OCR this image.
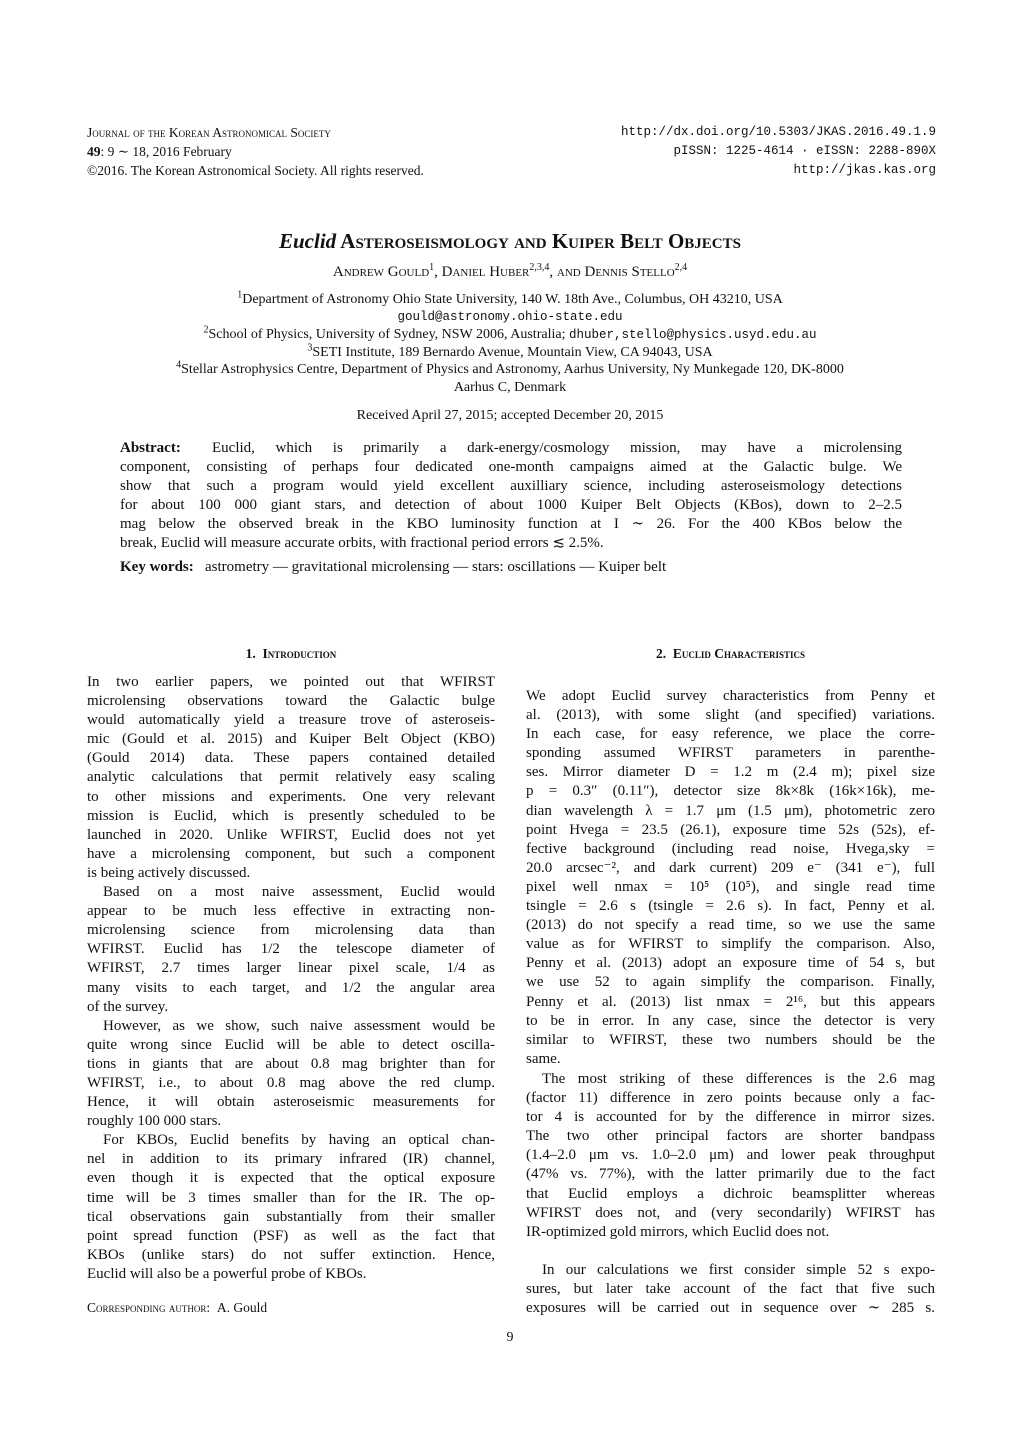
Journal of the Korean Astronomical Society
49: 9 ∼ 18, 2016 February
©2016. The Korean Astronomical Society. All rights reserved.
http://dx.doi.org/10.5303/JKAS.2016.49.1.9
pISSN: 1225-4614 · eISSN: 2288-890X
http://jkas.kas.org
Euclid Asteroseismology and Kuiper Belt Objects
Andrew Gould$^1$, Daniel Huber$^{2,3,4}$, and Dennis Stello$^{2,4}$
$^1$Department of Astronomy Ohio State University, 140 W. 18th Ave., Columbus, OH 43210, USA
gould@astronomy.ohio-state.edu
$^2$School of Physics, University of Sydney, NSW 2006, Australia; dhuber,stello@physics.usyd.edu.au
$^3$SETI Institute, 189 Bernardo Avenue, Mountain View, CA 94043, USA
$^4$Stellar Astrophysics Centre, Department of Physics and Astronomy, Aarhus University, Ny Munkegade 120, DK-8000
Aarhus C, Denmark
Received April 27, 2015; accepted December 20, 2015
Abstract:	Euclid, which is primarily a dark-energy/cosmology mission, may have a microlensing
component, consisting of perhaps four dedicated one-month campaigns aimed at the Galactic bulge. We
show that such a program would yield excellent auxilliary science, including asteroseismology detections
for about 100 000 giant stars, and detection of about 1000 Kuiper Belt Objects (KBos), down to 2–2.5
mag below the observed break in the KBO luminosity function at I ∼ 26. For the 400 KBos below the
break, Euclid will measure accurate orbits, with fractional period errors ≲ 2.5%.
Key words: astrometry — gravitational microlensing — stars: oscillations — Kuiper belt
1. Introduction	2. Euclid Characteristics
In two earlier papers, we pointed out that WFIRST
microlensing observations toward the Galactic bulge
would automatically yield a treasure trove of asteroseis-
mic (Gould et al. 2015) and Kuiper Belt Object (KBO)
(Gould 2014) data. These papers contained detailed
analytic calculations that permit relatively easy scaling
to other missions and experiments. One very relevant
mission is Euclid, which is presently scheduled to be
launched in 2020. Unlike WFIRST, Euclid does not yet
have a microlensing component, but such a component
is being actively discussed.
Based on a most naive assessment, Euclid would
appear to be much less effective in extracting non-
microlensing science from microlensing data than
WFIRST. Euclid has 1/2 the telescope diameter of
WFIRST, 2.7 times larger linear pixel scale, 1/4 as
many visits to each target, and 1/2 the angular area
of the survey.
However, as we show, such naive assessment would be
quite wrong since Euclid will be able to detect oscilla-
tions in giants that are about 0.8 mag brighter than for
WFIRST, i.e., to about 0.8 mag above the red clump.
Hence, it will obtain asteroseismic measurements for
roughly 100 000 stars.
For KBOs, Euclid benefits by having an optical chan-
nel in addition to its primary infrared (IR) channel,
even though it is expected that the optical exposure
time will be 3 times smaller than for the IR. The op-
tical observations gain substantially from their smaller
point spread function (PSF) as well as the fact that
KBOs (unlike stars) do not suffer extinction. Hence,
Euclid will also be a powerful probe of KBOs.
We adopt Euclid survey characteristics from Penny et
al. (2013), with some slight (and specified) variations.
In each case, for easy reference, we place the corre-
sponding assumed WFIRST parameters in parenthe-
ses. Mirror diameter D = 1.2 m (2.4 m); pixel size
p = 0.3″ (0.11″), detector size 8k×8k (16k×16k), me-
dian wavelength λ = 1.7 μm (1.5 μm), photometric zero
point Hvega = 23.5 (26.1), exposure time 52s (52s), ef-
fective background (including read noise, Hvega,sky =
20.0 arcsec⁻², and dark current) 209 e⁻ (341 e⁻), full
pixel well nmax = 10⁵ (10⁵), and single read time
tsingle = 2.6 s (tsingle = 2.6 s). In fact, Penny et al.
(2013) do not specify a read time, so we use the same
value as for WFIRST to simplify the comparison. Also,
Penny et al. (2013) adopt an exposure time of 54 s, but
we use 52 to again simplify the comparison. Finally,
Penny et al. (2013) list nmax = 2¹⁶, but this appears
to be in error. In any case, since the detector is very
similar to WFIRST, these two numbers should be the
same.
The most striking of these differences is the 2.6 mag
(factor 11) difference in zero points because only a fac-
tor 4 is accounted for by the difference in mirror sizes.
The two other principal factors are shorter bandpass
(1.4–2.0 μm vs. 1.0–2.0 μm) and lower peak throughput
(47% vs. 77%), with the latter primarily due to the fact
that Euclid employs a dichroic beamsplitter whereas
WFIRST does not, and (very secondarily) WFIRST has
IR-optimized gold mirrors, which Euclid does not.
In our calculations we first consider simple 52 s expo-
sures, but later take account of the fact that five such
exposures will be carried out in sequence over ∼ 285 s.
Corresponding author: A. Gould
9
